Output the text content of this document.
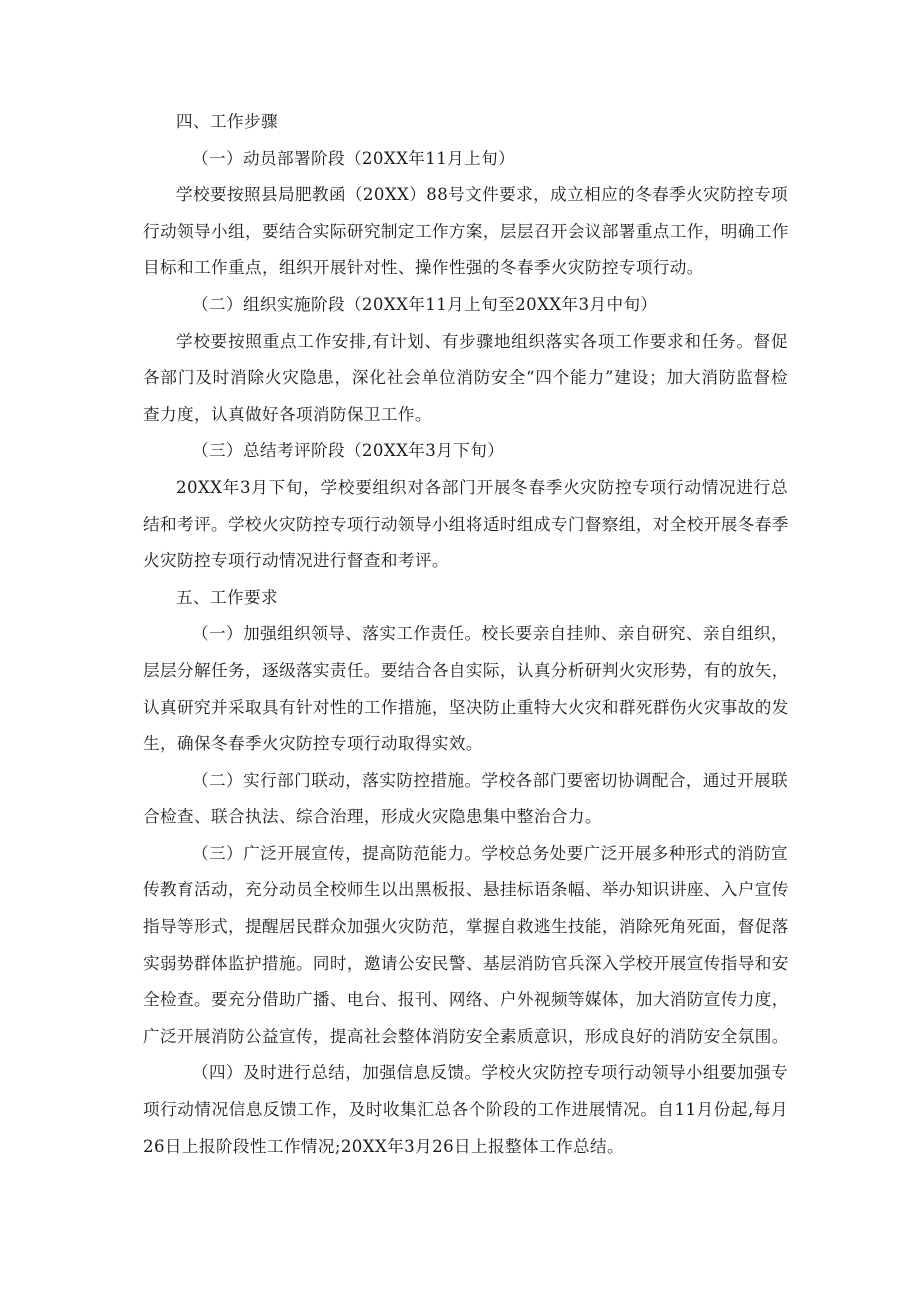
四、工作步骤
（一）动员部署阶段（20XX年11月上旬）
学校要按照县局肥教函（20XX）88号文件要求，成立相应的冬春季火灾防控专项
行动领导小组，要结合实际研究制定工作方案，层层召开会议部署重点工作，明确工作
目标和工作重点，组织开展针对性、操作性强的冬春季火灾防控专项行动。
（二）组织实施阶段（20XX年11月上旬至20XX年3月中旬）
学校要按照重点工作安排,有计划、有步骤地组织落实各项工作要求和任务。督促
各部门及时消除火灾隐患，深化社会单位消防安全“四个能力”建设；加大消防监督检
查力度，认真做好各项消防保卫工作。
（三）总结考评阶段（20XX年3月下旬）
20XX年3月下旬，学校要组织对各部门开展冬春季火灾防控专项行动情况进行总
结和考评。学校火灾防控专项行动领导小组将适时组成专门督察组，对全校开展冬春季
火灾防控专项行动情况进行督查和考评。
五、工作要求
（一）加强组织领导、落实工作责任。校长要亲自挂帅、亲自研究、亲自组织，
层层分解任务，逐级落实责任。要结合各自实际，认真分析研判火灾形势，有的放矢，
认真研究并采取具有针对性的工作措施，坚决防止重特大火灾和群死群伤火灾事故的发
生，确保冬春季火灾防控专项行动取得实效。
（二）实行部门联动，落实防控措施。学校各部门要密切协调配合，通过开展联
合检查、联合执法、综合治理，形成火灾隐患集中整治合力。
（三）广泛开展宣传，提高防范能力。学校总务处要广泛开展多种形式的消防宣
传教育活动，充分动员全校师生以出黑板报、悬挂标语条幅、举办知识讲座、入户宣传
指导等形式，提醒居民群众加强火灾防范，掌握自救逃生技能，消除死角死面，督促落
实弱势群体监护措施。同时，邀请公安民警、基层消防官兵深入学校开展宣传指导和安
全检查。要充分借助广播、电台、报刊、网络、户外视频等媒体，加大消防宣传力度，
广泛开展消防公益宣传，提高社会整体消防安全素质意识，形成良好的消防安全氛围。
（四）及时进行总结，加强信息反馈。学校火灾防控专项行动领导小组要加强专
项行动情况信息反馈工作，及时收集汇总各个阶段的工作进展情况。自11月份起,每月
26日上报阶段性工作情况;20XX年3月26日上报整体工作总结。
